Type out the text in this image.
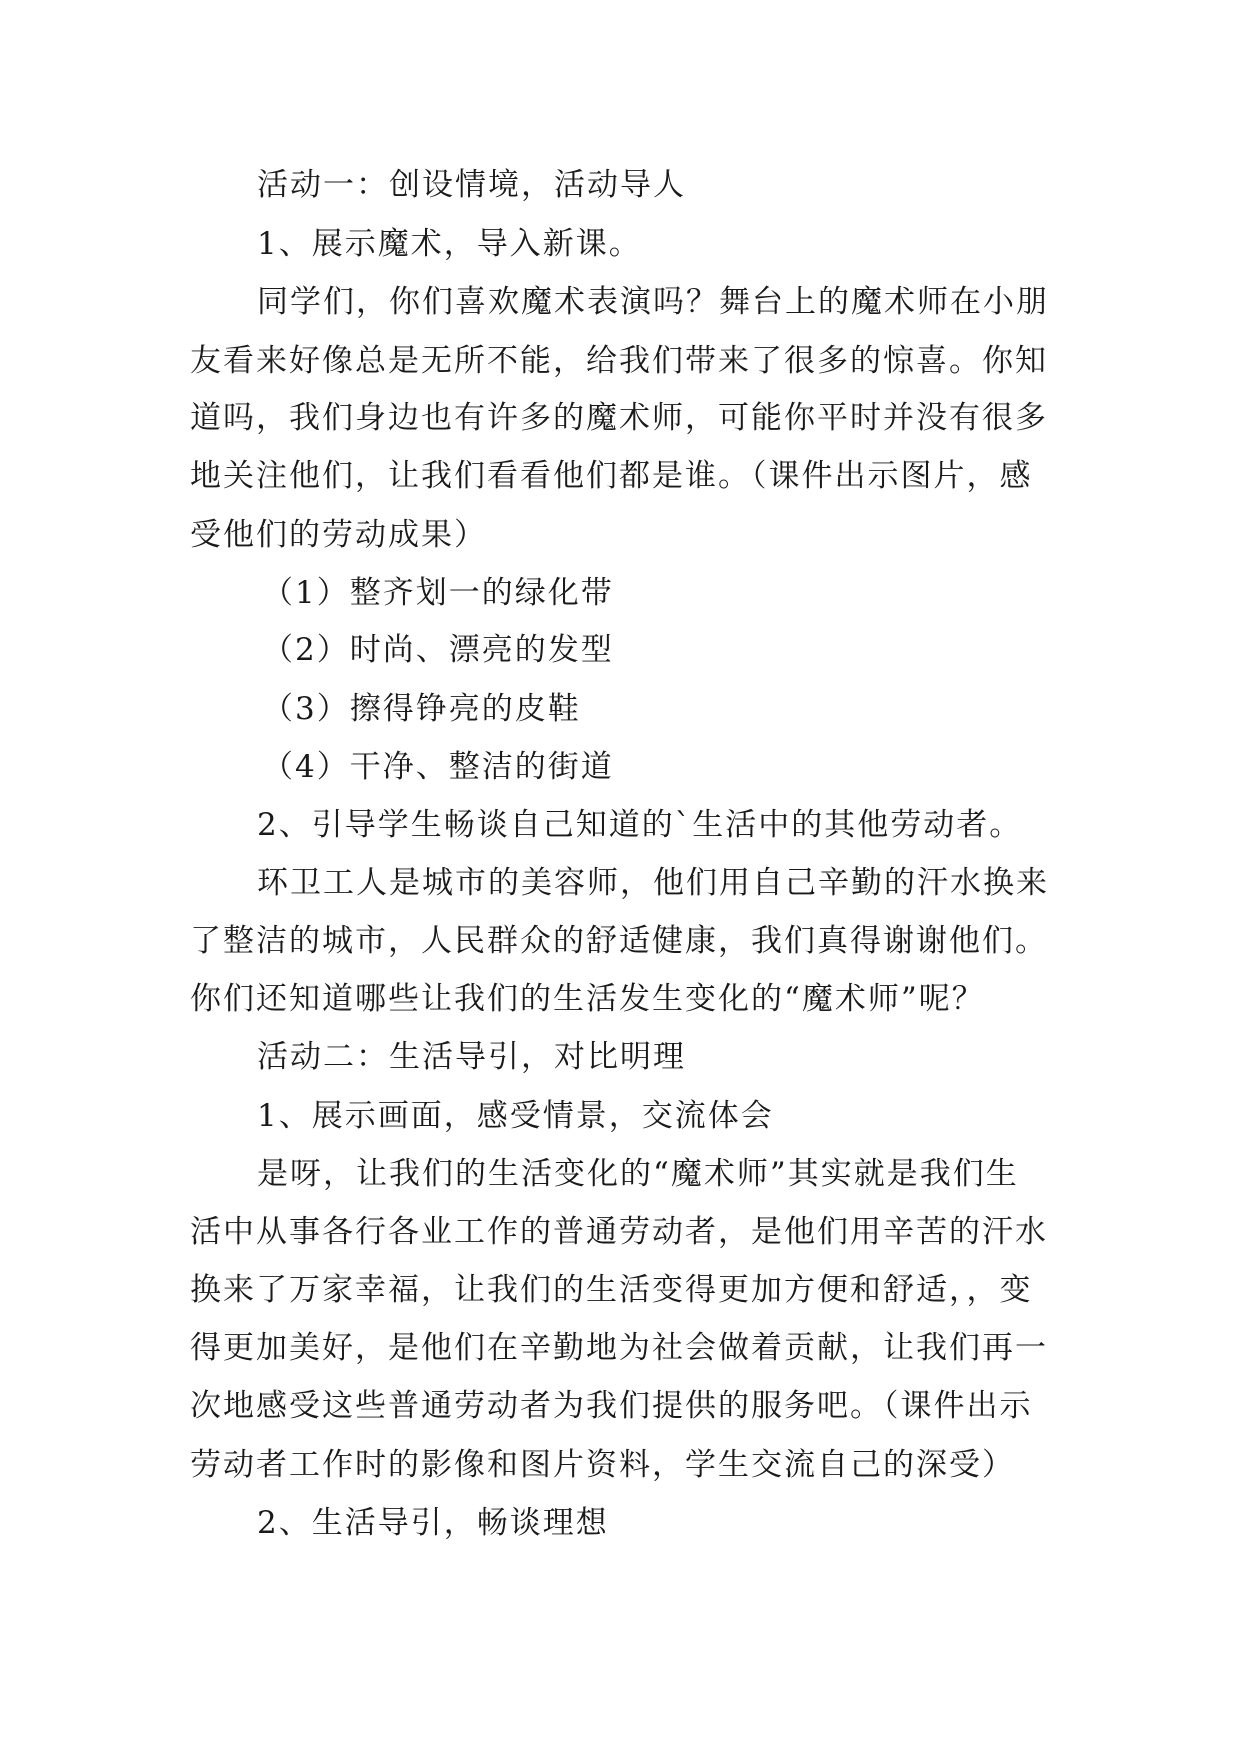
活动一：创设情境，活动导人

1、展示魔术，导入新课。

同学们，你们喜欢魔术表演吗？舞台上的魔术师在小朋

友看来好像总是无所不能，给我们带来了很多的惊喜。你知

道吗，我们身边也有许多的魔术师，可能你平时并没有很多

地关注他们，让我们看看他们都是谁。（课件出示图片，感

受他们的劳动成果）

（1）整齐划一的绿化带

（2）时尚、漂亮的发型

（3）擦得铮亮的皮鞋

（4）干净、整洁的街道

2、引导学生畅谈自己知道的`生活中的其他劳动者。

环卫工人是城市的美容师，他们用自己辛勤的汗水换来

了整洁的城市，人民群众的舒适健康，我们真得谢谢他们。

你们还知道哪些让我们的生活发生变化的“魔术师”呢？

活动二：生活导引，对比明理

1、展示画面，感受情景，交流体会

是呀，让我们的生活变化的“魔术师”其实就是我们生

活中从事各行各业工作的普通劳动者，是他们用辛苦的汗水

换来了万家幸福，让我们的生活变得更加方便和舒适，，变

得更加美好，是他们在辛勤地为社会做着贡献，让我们再一

次地感受这些普通劳动者为我们提供的服务吧。（课件出示

劳动者工作时的影像和图片资料，学生交流自己的深受）

2、生活导引，畅谈理想
